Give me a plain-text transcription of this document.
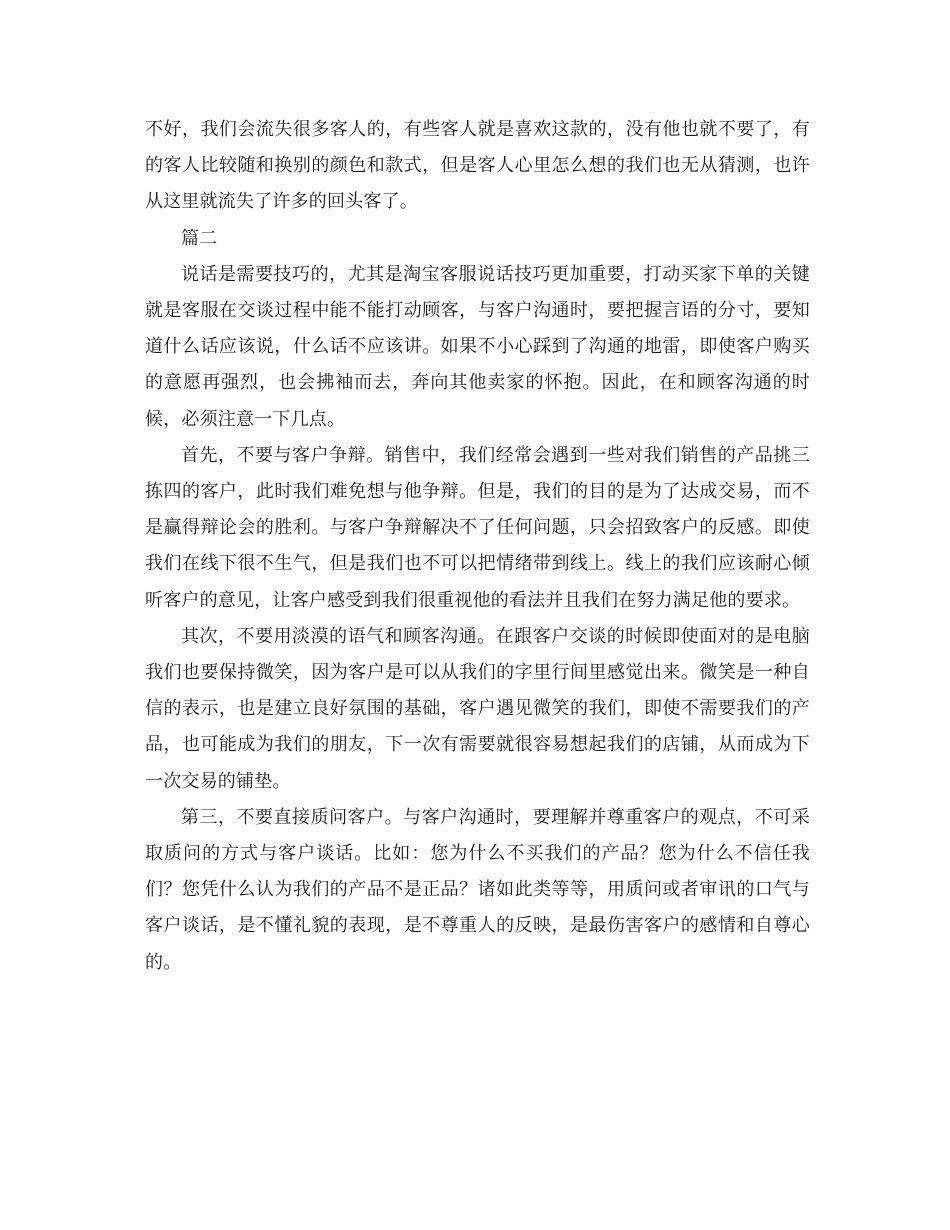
不好，我们会流失很多客人的，有些客人就是喜欢这款的，没有他也就不要了，有的客人比较随和换别的颜色和款式，但是客人心里怎么想的我们也无从猜测，也许从这里就流失了许多的回头客了。

篇二

说话是需要技巧的，尤其是淘宝客服说话技巧更加重要，打动买家下单的关键就是客服在交谈过程中能不能打动顾客，与客户沟通时，要把握言语的分寸，要知道什么话应该说，什么话不应该讲。如果不小心踩到了沟通的地雷，即使客户购买的意愿再强烈，也会拂袖而去，奔向其他卖家的怀抱。因此，在和顾客沟通的时候，必须注意一下几点。

首先，不要与客户争辩。销售中，我们经常会遇到一些对我们销售的产品挑三拣四的客户，此时我们难免想与他争辩。但是，我们的目的是为了达成交易，而不是赢得辩论会的胜利。与客户争辩解决不了任何问题，只会招致客户的反感。即使我们在线下很不生气，但是我们也不可以把情绪带到线上。线上的我们应该耐心倾听客户的意见，让客户感受到我们很重视他的看法并且我们在努力满足他的要求。

其次，不要用淡漠的语气和顾客沟通。在跟客户交谈的时候即使面对的是电脑我们也要保持微笑，因为客户是可以从我们的字里行间里感觉出来。微笑是一种自信的表示，也是建立良好氛围的基础，客户遇见微笑的我们，即使不需要我们的产品，也可能成为我们的朋友，下一次有需要就很容易想起我们的店铺，从而成为下一次交易的铺垫。

第三，不要直接质问客户。与客户沟通时，要理解并尊重客户的观点，不可采取质问的方式与客户谈话。比如：您为什么不买我们的产品？您为什么不信任我们？您凭什么认为我们的产品不是正品？诸如此类等等，用质问或者审讯的口气与客户谈话，是不懂礼貌的表现，是不尊重人的反映，是最伤害客户的感情和自尊心的。
